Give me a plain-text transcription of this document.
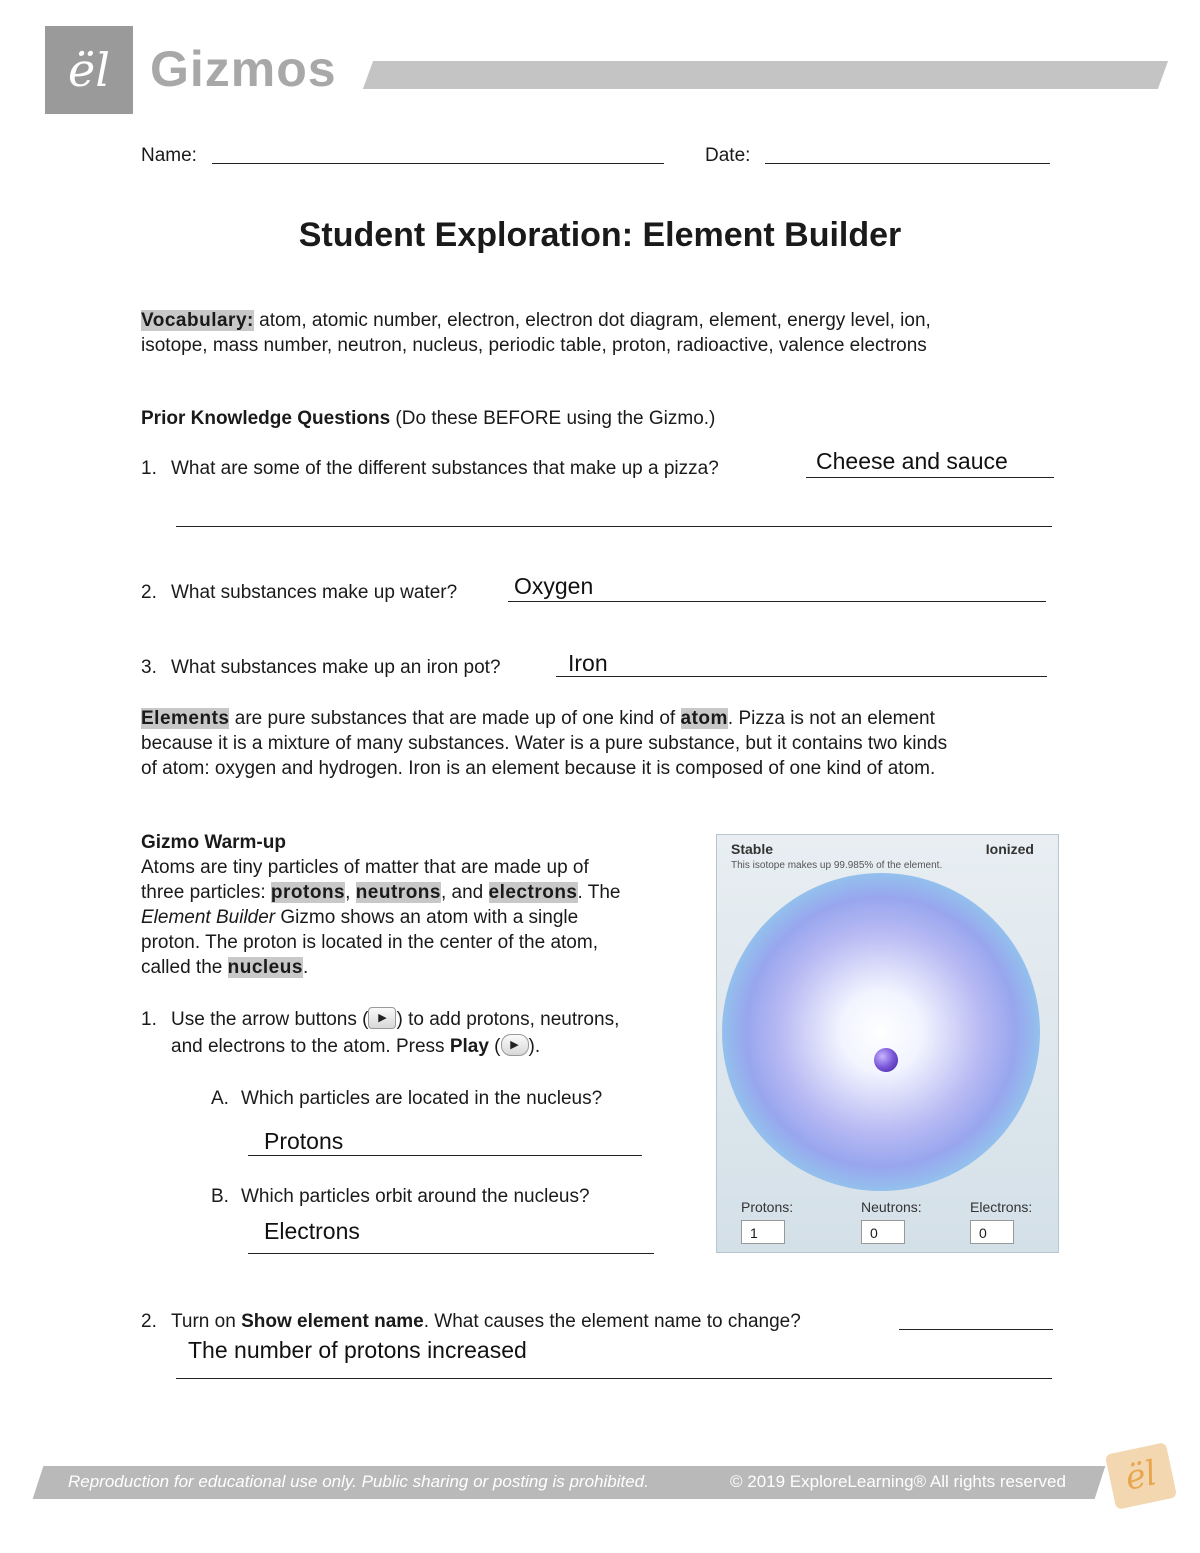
ël Gizmos
Name:	Date:
Student Exploration: Element Builder
Vocabulary: atom, atomic number, electron, electron dot diagram, element, energy level, ion,
isotope, mass number, neutron, nucleus, periodic table, proton, radioactive, valence electrons
Prior Knowledge Questions (Do these BEFORE using the Gizmo.)
1. What are some of the different substances that make up a pizza?	Cheese and sauce
2. What substances make up water? Oxygen
3. What substances make up an iron pot?	Iron
Elements are pure substances that are made up of one kind of atom. Pizza is not an element
because it is a mixture of many substances. Water is a pure substance, but it contains two kinds
of atom: oxygen and hydrogen. Iron is an element because it is composed of one kind of atom.
Gizmo Warm-up
Atoms are tiny particles of matter that are made up of
three particles: protons, neutrons, and electrons. The
Element Builder Gizmo shows an atom with a single
proton. The proton is located in the center of the atom,
called the nucleus.
1. Use the arrow buttons ( ▶ ) to add protons, neutrons,
and electrons to the atom. Press Play ( ▶ ).
A. Which particles are located in the nucleus?
Protons
B. Which particles orbit around the nucleus?
Electrons
2. Turn on Show element name. What causes the element name to change?
The number of protons increased
Stable	Ionized
This isotope makes up 99.985% of the element.
Protons:	Neutrons:	Electrons:
1	0	0
Reproduction for educational use only. Public sharing or posting is prohibited.	© 2019 ExploreLearning® All rights reserved ël
